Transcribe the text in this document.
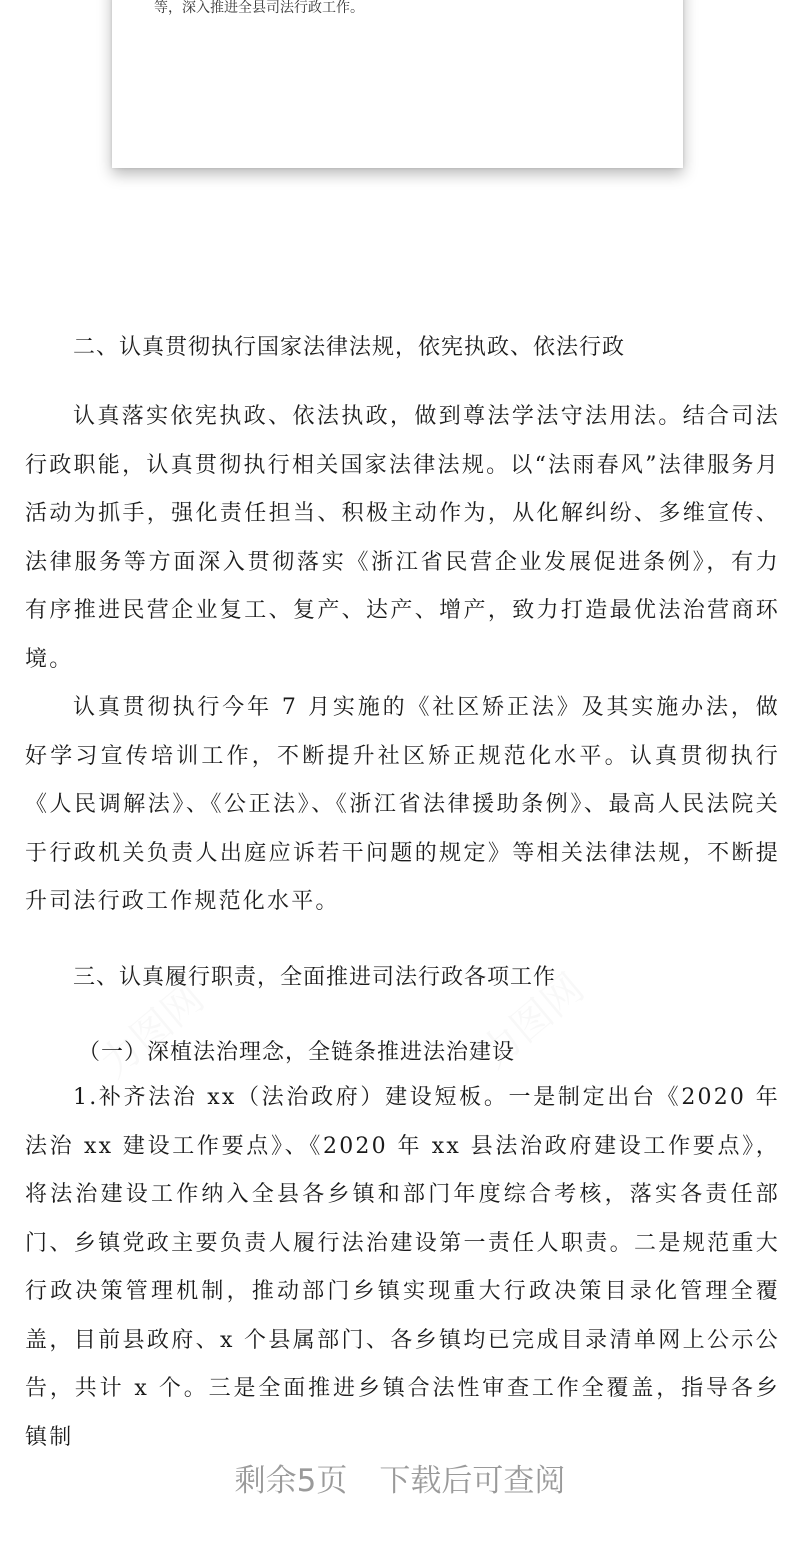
等，深入推进全县司法行政工作。
力图网	力图网
二、认真贯彻执行国家法律法规，依宪执政、依法行政

认真落实依宪执政、依法执政，做到尊法学法守法用法。结合司法行政职能，认真贯彻执行相关国家法律法规。以“法雨春风”法律服务月活动为抓手，强化责任担当、积极主动作为，从化解纠纷、多维宣传、法律服务等方面深入贯彻落实《浙江省民营企业发展促进条例》，有力有序推进民营企业复工、复产、达产、增产，致力打造最优法治营商环境。

认真贯彻执行今年 7 月实施的《社区矫正法》及其实施办法，做好学习宣传培训工作，不断提升社区矫正规范化水平。认真贯彻执行《人民调解法》、《公正法》、《浙江省法律援助条例》、最高人民法院关于行政机关负责人出庭应诉若干问题的规定》等相关法律法规，不断提升司法行政工作规范化水平。

三、认真履行职责，全面推进司法行政各项工作
（一）深植法治理念，全链条推进法治建设

1.补齐法治 xx（法治政府）建设短板。一是制定出台《2020 年法治 xx 建设工作要点》、《2020 年 xx 县法治政府建设工作要点》，将法治建设工作纳入全县各乡镇和部门年度综合考核，落实各责任部门、乡镇党政主要负责人履行法治建设第一责任人职责。二是规范重大行政决策管理机制，推动部门乡镇实现重大行政决策目录化管理全覆盖，目前县政府、x 个县属部门、各乡镇均已完成目录清单网上公示公告，共计 x 个。三是全面推进乡镇合法性审查工作全覆盖，指导各乡镇制

剩余5页 下载后可查阅
